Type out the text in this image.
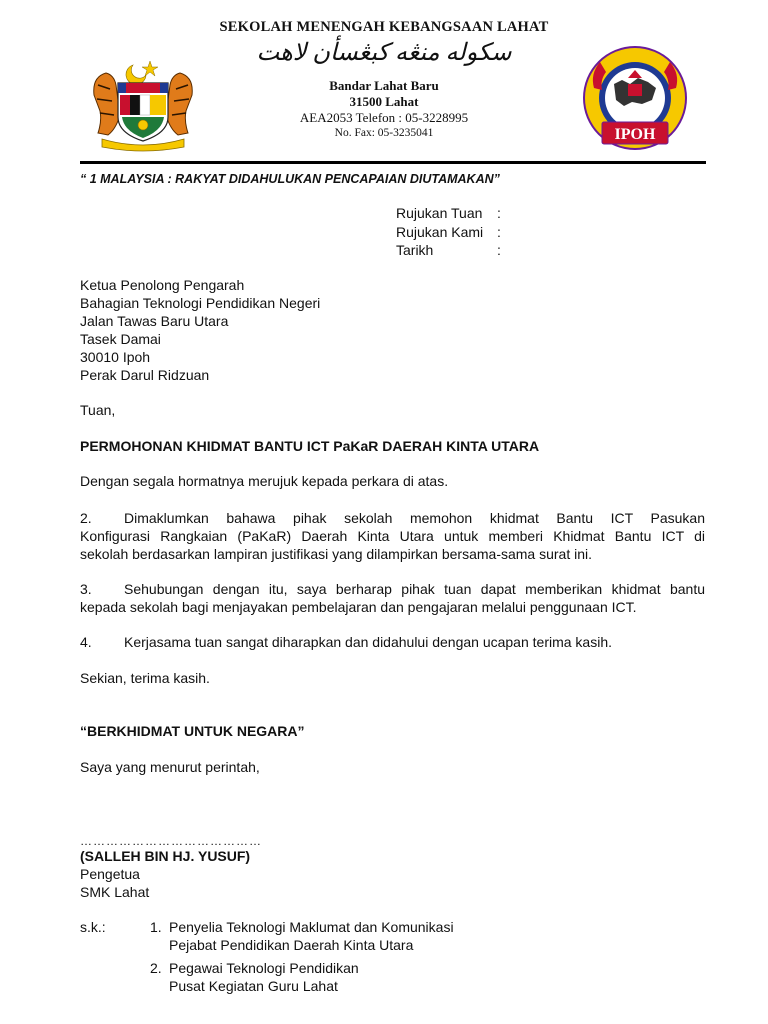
SEKOLAH MENENGAH KEBANGSAAN LAHAT
سكوله منڠه كبڠسأن لاهت
Bandar Lahat Baru
31500 Lahat
AEA2053 Telefon : 05-3228995
No. Fax: 05-3235041	IPOH
“ 1 MALAYSIA : RAKYAT DIDAHULUKAN PENCAPAIAN DIUTAMAKAN”
Rujukan Tuan :
Rujukan Kami :
Tarikh	:
Ketua Penolong Pengarah
Bahagian Teknologi Pendidikan Negeri
Jalan Tawas Baru Utara
Tasek Damai
30010 Ipoh
Perak Darul Ridzuan
Tuan,
PERMOHONAN KHIDMAT BANTU ICT PaKaR DAERAH KINTA UTARA
Dengan segala hormatnya merujuk kepada perkara di atas.
2. Dimaklumkan bahawa pihak sekolah memohon khidmat Bantu ICT Pasukan
Konfigurasi Rangkaian (PaKaR) Daerah Kinta Utara untuk memberi Khidmat Bantu ICT di
sekolah berdasarkan lampiran justifikasi yang dilampirkan bersama-sama surat ini.
3. Sehubungan dengan itu, saya berharap pihak tuan dapat memberikan khidmat bantu
kepada sekolah bagi menjayakan pembelajaran dan pengajaran melalui penggunaan ICT.
4. Kerjasama tuan sangat diharapkan dan didahului dengan ucapan terima kasih.
Sekian, terima kasih.
“BERKHIDMAT UNTUK NEGARA”
Saya yang menurut perintah,
……………………………………
(SALLEH BIN HJ. YUSUF)
Pengetua
SMK Lahat
s.k.:	1. Penyelia Teknologi Maklumat dan Komunikasi
Pejabat Pendidikan Daerah Kinta Utara
2. Pegawai Teknologi Pendidikan
Pusat Kegiatan Guru Lahat
